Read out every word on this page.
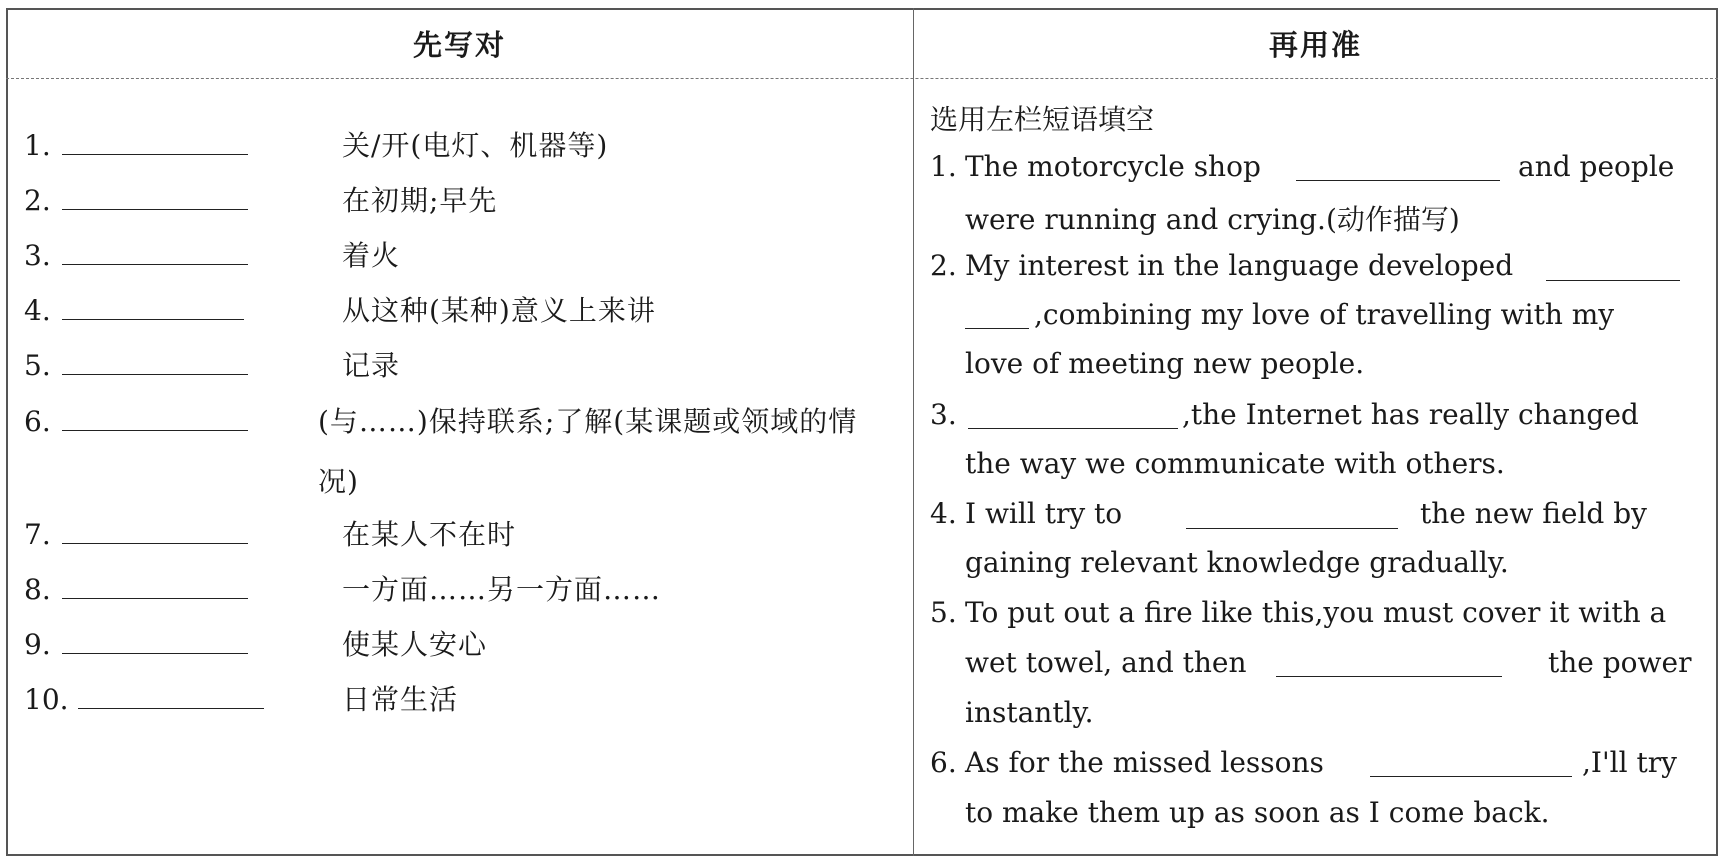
先写对	再用准
1.	关/开(电灯、机器等)
2.	在初期;早先
3.	着火
4.	从这种(某种)意义上来讲
5.	记录
6.	(与……)保持联系;了解(某课题或领域的情况)
7.	在某人不在时
8.	一方面……另一方面……
9.	使某人安心
10.	日常生活
选用左栏短语填空
1. The motorcycle shop	and people
were running and crying.(动作描写)
2. My interest in the language developed
,combining my love of travelling with my
love of meeting new people.
3.	,the Internet has really changed
the way we communicate with others.
4. I will try to	the new field by
gaining relevant knowledge gradually.
5. To put out a fire like this,you must cover it with a
wet towel, and then	the power
instantly.
6. As for the missed lessons	,I'll try
to make them up as soon as I come back.
